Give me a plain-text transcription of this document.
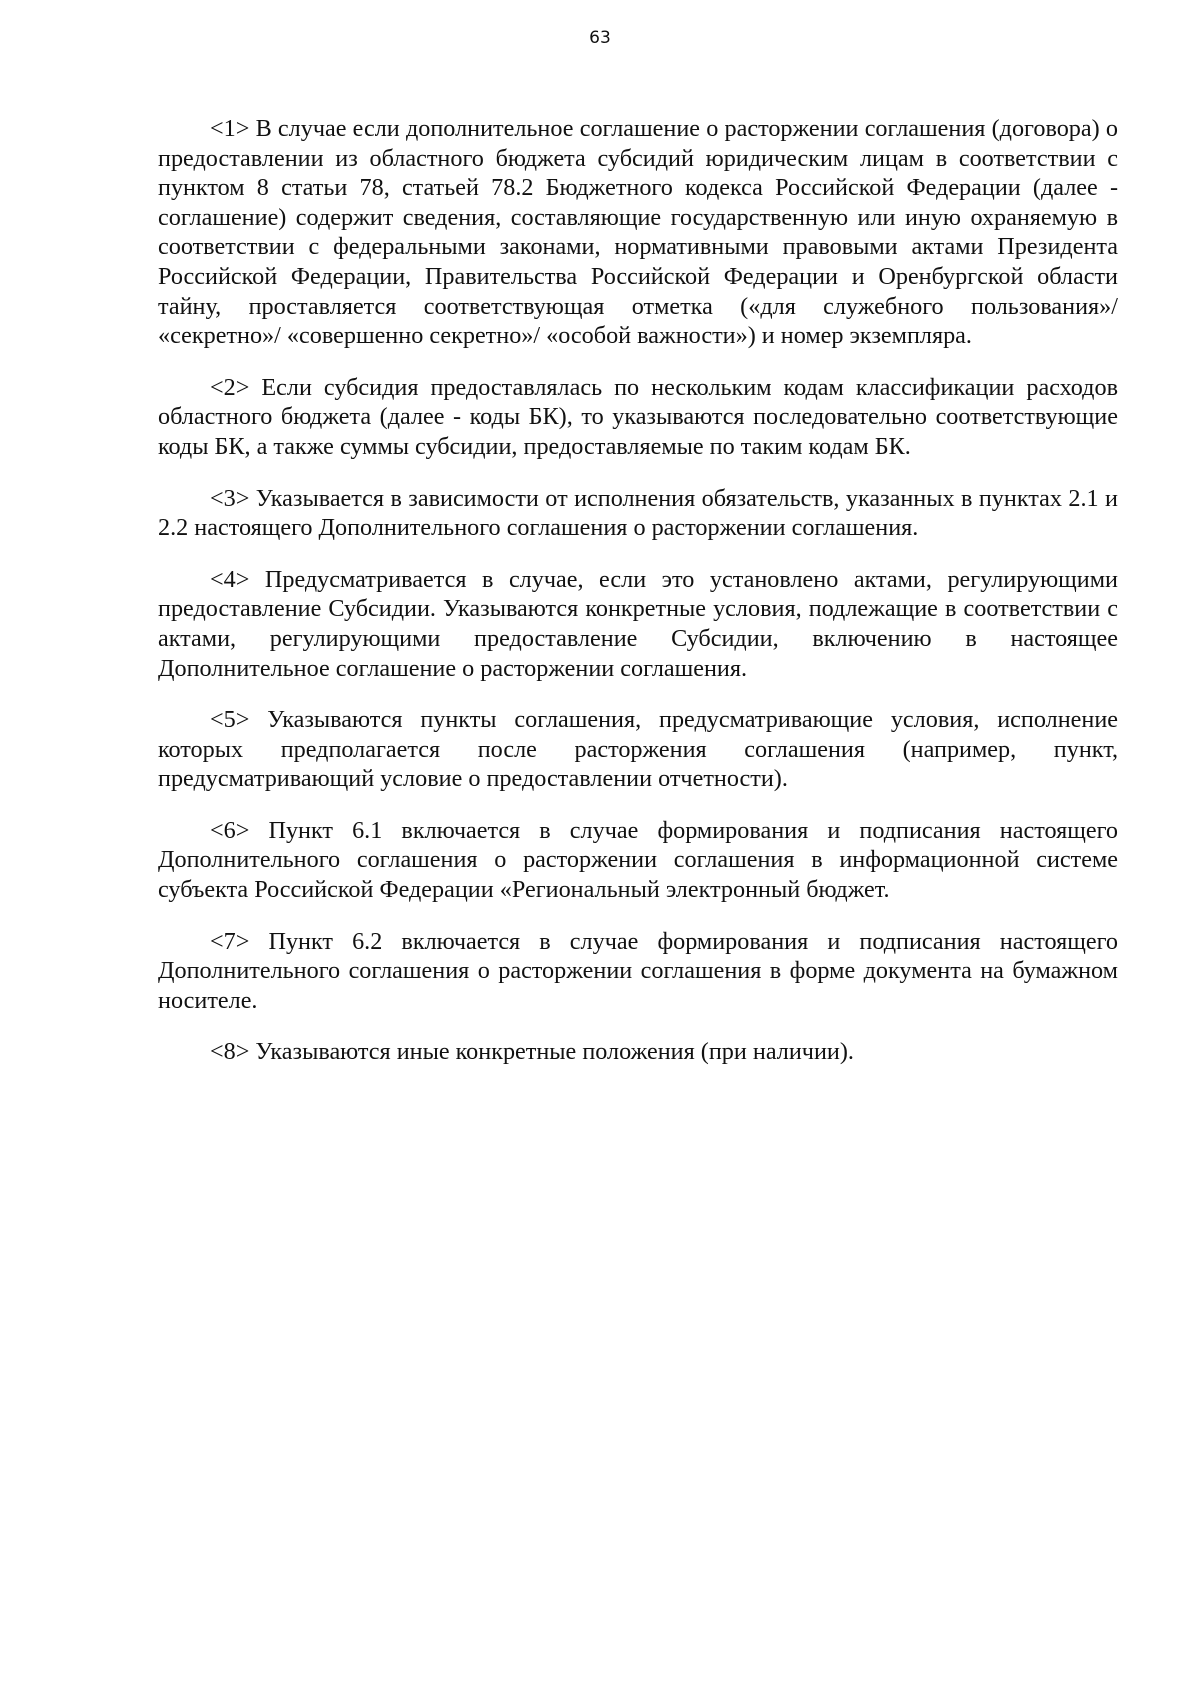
63

<1> В случае если дополнительное соглашение о расторжении соглашения (договора) о предоставлении из областного бюджета субсидий юридическим лицам в соответствии с пунктом 8 статьи 78, статьей 78.2 Бюджетного кодекса Российской Федерации (далее - соглашение) содержит сведения, составляющие государственную или иную охраняемую в соответствии с федеральными законами, нормативными правовыми актами Президента Российской Федерации, Правительства Российской Федерации и Оренбургской области тайну, проставляется соответствующая отметка («для служебного пользования»/ «секретно»/ «совершенно секретно»/ «особой важности») и номер экземпляра.

<2> Если субсидия предоставлялась по нескольким кодам классификации расходов областного бюджета (далее - коды БК), то указываются последовательно соответствующие коды БК, а также суммы субсидии, предоставляемые по таким кодам БК.

<3> Указывается в зависимости от исполнения обязательств, указанных в пунктах 2.1 и 2.2 настоящего Дополнительного соглашения о расторжении соглашения.

<4> Предусматривается в случае, если это установлено актами, регулирующими предоставление Субсидии. Указываются конкретные условия, подлежащие в соответствии с актами, регулирующими предоставление Субсидии, включению в настоящее Дополнительное соглашение о расторжении соглашения.

<5> Указываются пункты соглашения, предусматривающие условия, исполнение которых предполагается после расторжения соглашения (например, пункт, предусматривающий условие о предоставлении отчетности).

<6> Пункт 6.1 включается в случае формирования и подписания настоящего Дополнительного соглашения о расторжении соглашения в информационной системе субъекта Российской Федерации «Региональный электронный бюджет.

<7> Пункт 6.2 включается в случае формирования и подписания настоящего Дополнительного соглашения о расторжении соглашения в форме документа на бумажном носителе.

<8> Указываются иные конкретные положения (при наличии).
